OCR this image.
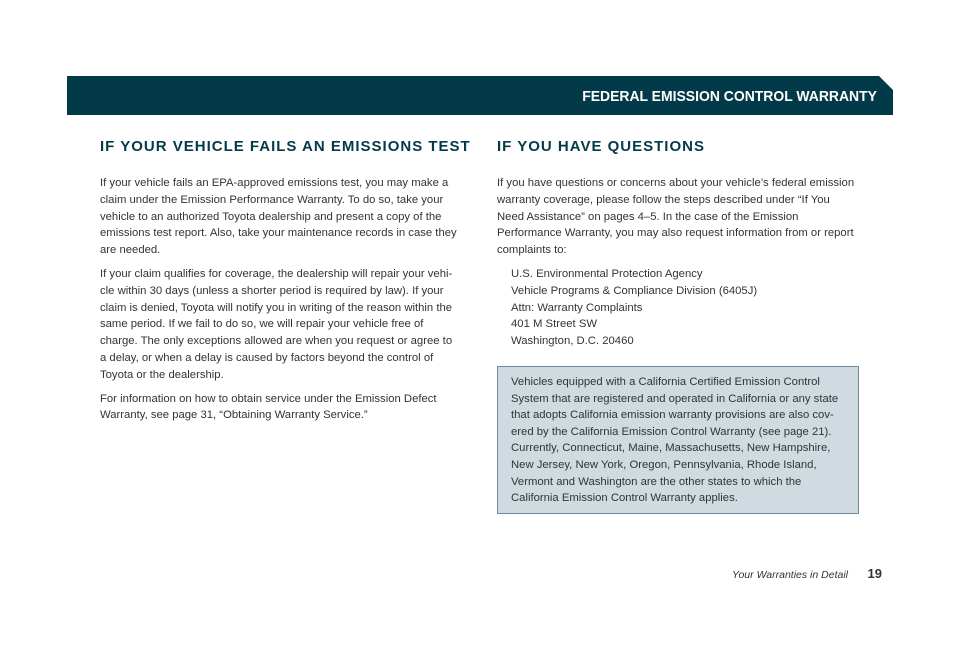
FEDERAL EMISSION CONTROL WARRANTY
IF YOUR VEHICLE FAILS AN EMISSIONS TEST

If your vehicle fails an EPA-approved emissions test, you may make a claim under the Emission Performance Warranty. To do so, take your vehicle to an authorized Toyota dealership and present a copy of the emissions test report. Also, take your maintenance records in case they are needed.

If your claim qualifies for coverage, the dealership will repair your vehi-cle within 30 days (unless a shorter period is required by law). If your claim is denied, Toyota will notify you in writing of the reason within the same period. If we fail to do so, we will repair your vehicle free of charge. The only exceptions allowed are when you request or agree to a delay, or when a delay is caused by factors beyond the control of Toyota or the dealership.

For information on how to obtain service under the Emission Defect Warranty, see page 31, “Obtaining Warranty Service.”

IF YOU HAVE QUESTIONS

If you have questions or concerns about your vehicle’s federal emission warranty coverage, please follow the steps described under “If You Need Assistance” on pages 4–5. In the case of the Emission Performance Warranty, you may also request information from or report complaints to:

U.S. Environmental Protection Agency
Vehicle Programs & Compliance Division (6405J)
Attn: Warranty Complaints
401 M Street SW
Washington, D.C. 20460

Vehicles equipped with a California Certified Emission Control System that are registered and operated in California or any state that adopts California emission warranty provisions are also cov-ered by the California Emission Control Warranty (see page 21). Currently, Connecticut, Maine, Massachusetts, New Hampshire, New Jersey, New York, Oregon, Pennsylvania, Rhode Island, Vermont and Washington are the other states to which the California Emission Control Warranty applies.

Your Warranties in Detail 19
